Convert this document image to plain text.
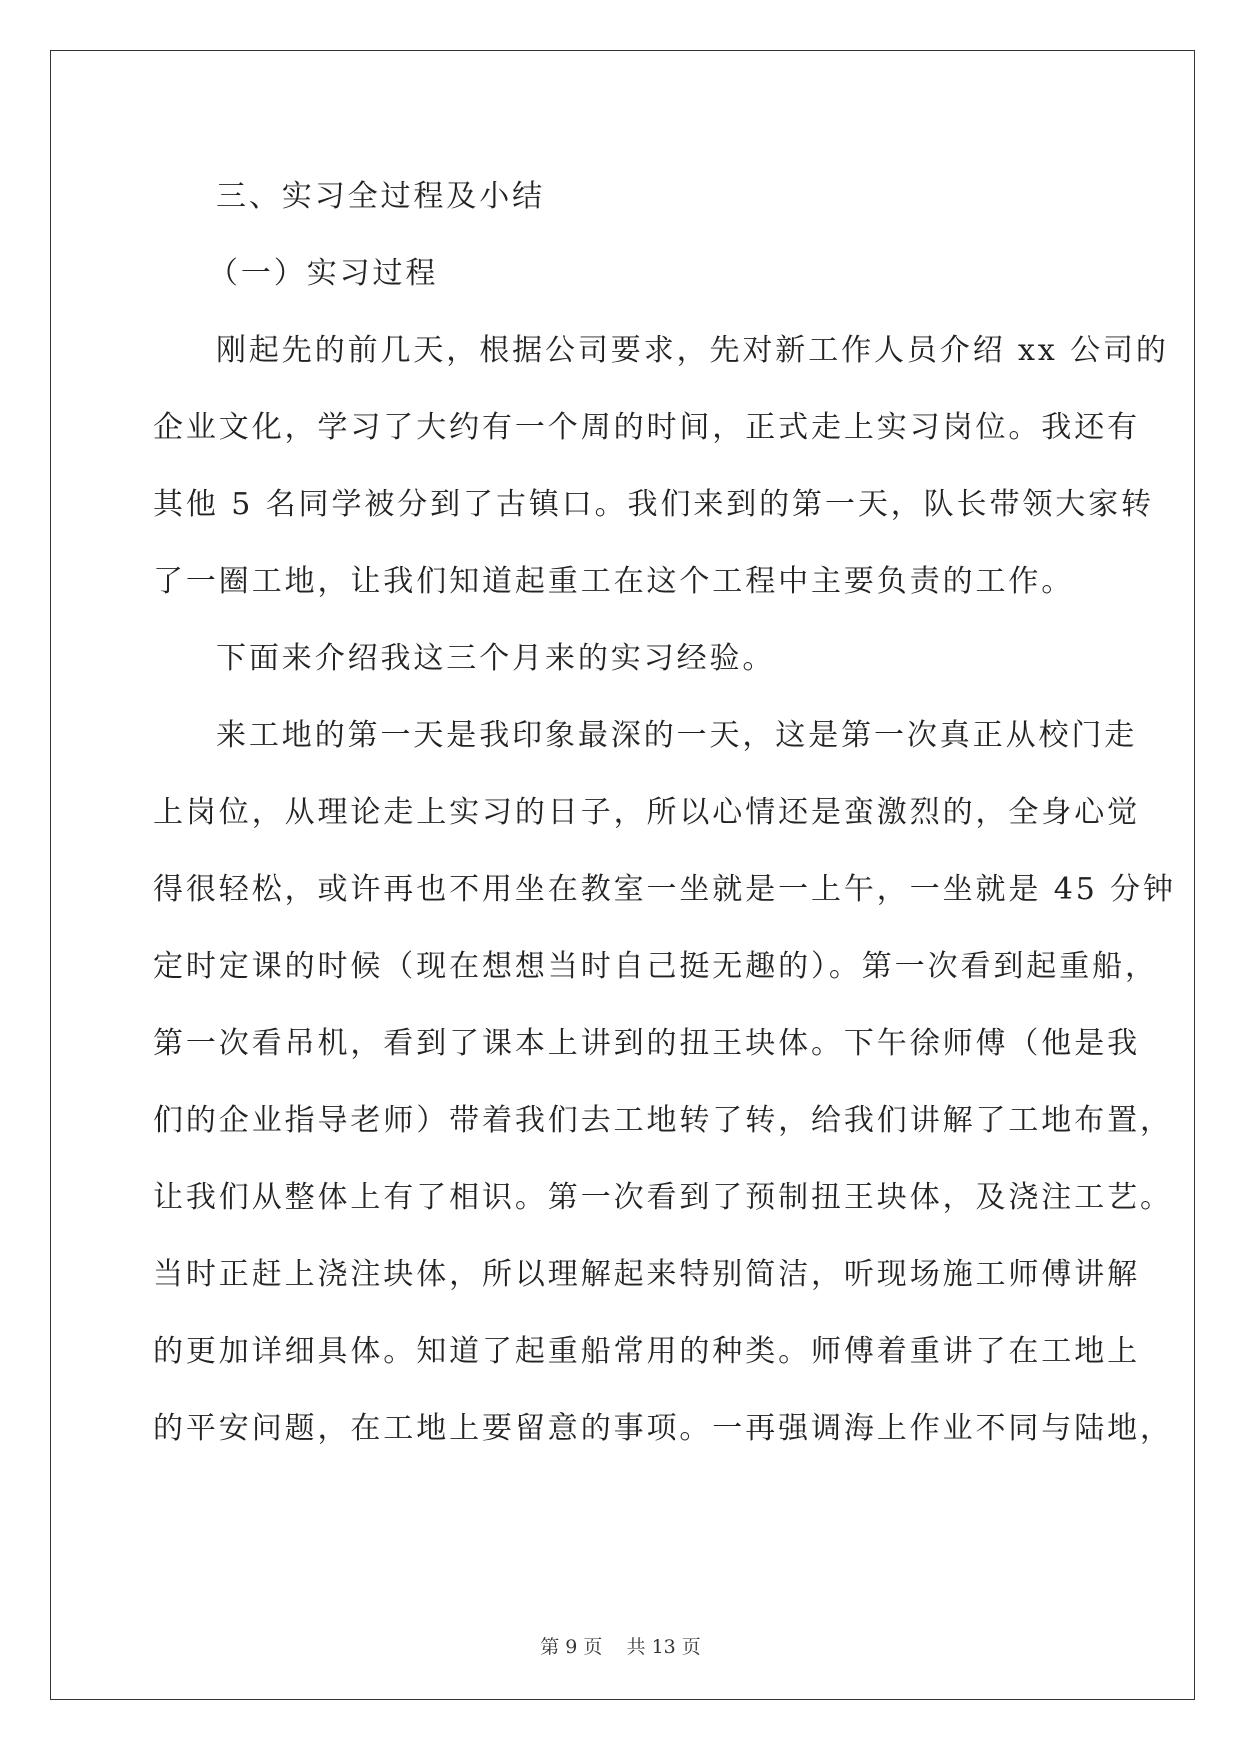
三、实习全过程及小结
（一）实习过程
刚起先的前几天，根据公司要求，先对新工作人员介绍 xx 公司的
企业文化，学习了大约有一个周的时间，正式走上实习岗位。我还有
其他 5 名同学被分到了古镇口。我们来到的第一天，队长带领大家转
了一圈工地，让我们知道起重工在这个工程中主要负责的工作。
下面来介绍我这三个月来的实习经验。
来工地的第一天是我印象最深的一天，这是第一次真正从校门走
上岗位，从理论走上实习的日子，所以心情还是蛮激烈的，全身心觉
得很轻松，或许再也不用坐在教室一坐就是一上午，一坐就是 45 分钟
定时定课的时候（现在想想当时自己挺无趣的）。第一次看到起重船，
第一次看吊机，看到了课本上讲到的扭王块体。下午徐师傅（他是我
们的企业指导老师）带着我们去工地转了转，给我们讲解了工地布置，
让我们从整体上有了相识。第一次看到了预制扭王块体，及浇注工艺。
当时正赶上浇注块体，所以理解起来特别简洁，听现场施工师傅讲解
的更加详细具体。知道了起重船常用的种类。师傅着重讲了在工地上
的平安问题，在工地上要留意的事项。一再强调海上作业不同与陆地，
第 9 页 共 13 页
